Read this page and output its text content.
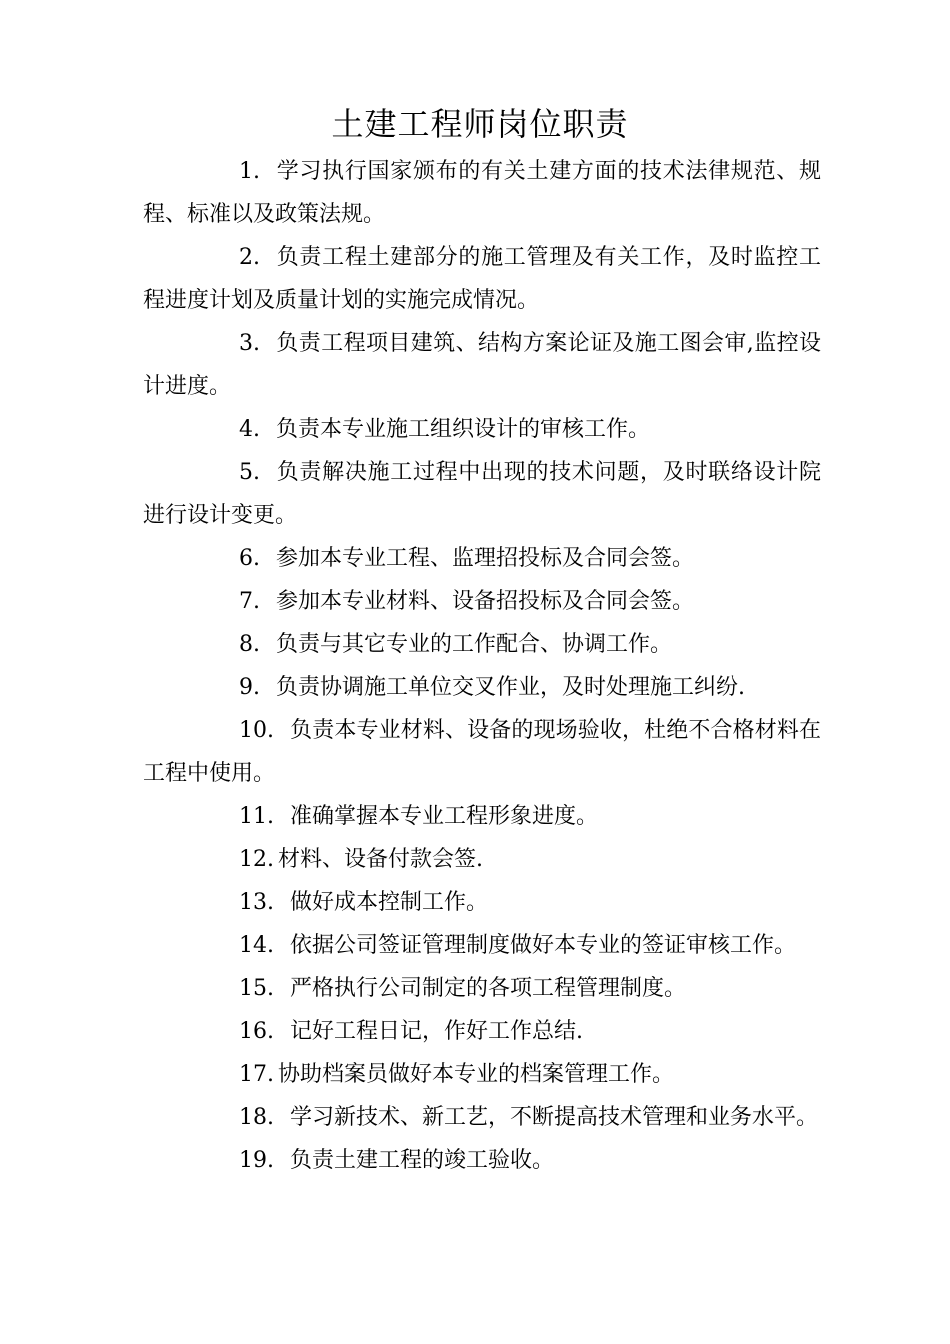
土建工程师岗位职责

1. 学习执行国家颁布的有关土建方面的技术法律规范、规程、标准以及政策法规。

2. 负责工程土建部分的施工管理及有关工作，及时监控工程进度计划及质量计划的实施完成情况。

3. 负责工程项目建筑、结构方案论证及施工图会审,监控设计进度。

4. 负责本专业施工组织设计的审核工作。

5. 负责解决施工过程中出现的技术问题，及时联络设计院进行设计变更。

6. 参加本专业工程、监理招投标及合同会签。

7. 参加本专业材料、设备招投标及合同会签。

8. 负责与其它专业的工作配合、协调工作。

9. 负责协调施工单位交叉作业，及时处理施工纠纷.

10. 负责本专业材料、设备的现场验收，杜绝不合格材料在工程中使用。

11. 准确掌握本专业工程形象进度。

12. 材料、设备付款会签.

13. 做好成本控制工作。

14. 依据公司签证管理制度做好本专业的签证审核工作。

15. 严格执行公司制定的各项工程管理制度。

16. 记好工程日记，作好工作总结.

17. 协助档案员做好本专业的档案管理工作。

18. 学习新技术、新工艺，不断提高技术管理和业务水平。

19. 负责土建工程的竣工验收。
